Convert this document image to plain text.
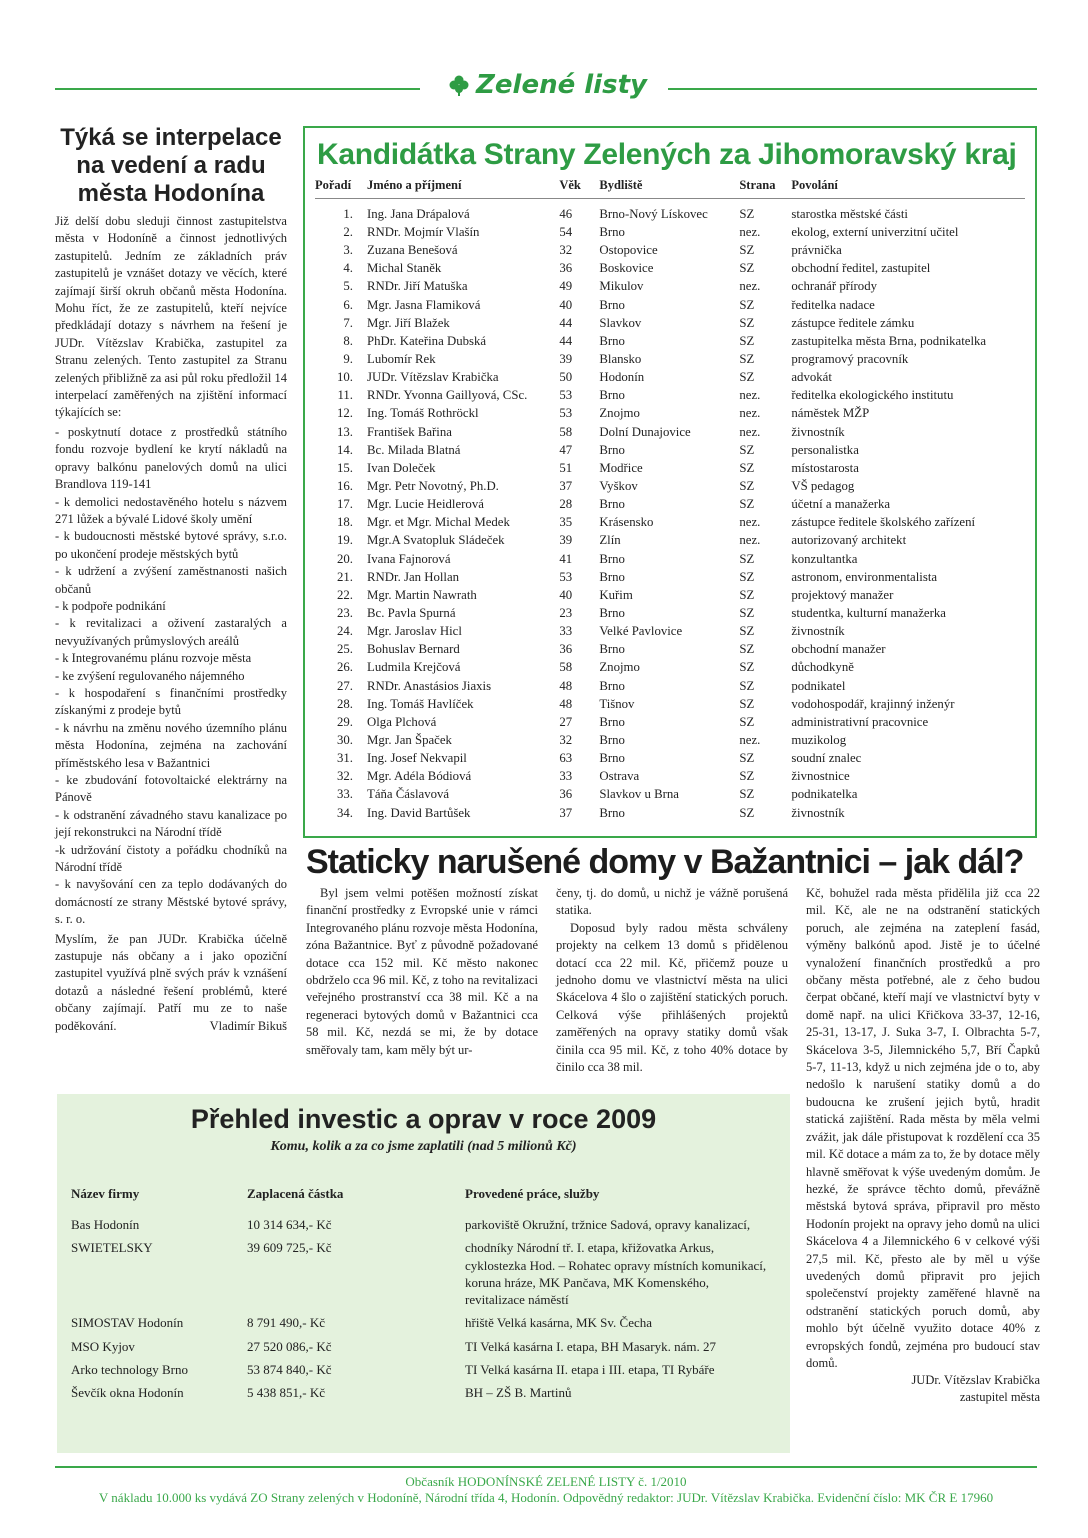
Zelené listy
Týká se interpelace na vedení a radu města Hodonína

Již delší dobu sleduji činnost zastupitelstva města v Hodoníně a činnost jednotlivých zastupitelů. Jedním ze základních práv zastupitelů je vznášet dotazy ve věcích, které zajímají širší okruh občanů města Hodonína. Mohu říct, že ze zastupitelů, kteří nejvíce předkládají dotazy s návrhem na řešení je JUDr. Vítězslav Krabička, zastupitel za Stranu zelených. Tento zastupitel za Stranu zelených přibližně za asi půl roku předložil 14 interpelací zaměřených na zjištění informací týkajících se:

- poskytnutí dotace z prostředků státního fondu rozvoje bydlení ke krytí nákladů na opravy balkónu panelových domů na ulici Brandlova 119-141
- k demolici nedostavěného hotelu s názvem 271 lůžek a bývalé Lidové školy umění
- k budoucnosti městské bytové správy, s.r.o. po ukončení prodeje městských bytů
- k udržení a zvýšení zaměstnanosti našich občanů
- k podpoře podnikání
- k revitalizaci a oživení zastaralých a nevyužívaných průmyslových areálů
- k Integrovanému plánu rozvoje města
- ke zvýšení regulovaného nájemného
- k hospodaření s finančními prostředky získanými z prodeje bytů
- k návrhu na změnu nového územního plánu města Hodonína, zejména na zachování příměstského lesa v Bažantnici
- ke zbudování fotovoltaické elektrárny na Pánově
- k odstranění závadného stavu kanalizace po její rekonstrukci na Národní třídě
-k udržování čistoty a pořádku chodníků na Národní třídě
- k navyšování cen za teplo dodávaných do domácností ze strany Městské bytové správy, s. r. o.

Myslím, že pan JUDr. Krabička účelně zastupuje nás občany a i jako opoziční zastupitel využívá plně svých práv k vznášení dotazů a následné řešení problémů, které občany zajímají. Patří mu ze to naše poděkování.	Vladimír Bikuš

Kandidátka Strany Zelených za Jihomoravský kraj
Pořadí	Jméno a příjmení	Věk	Bydliště	Strana	Povolání
1.	Ing. Jana Drápalová	46	Brno-Nový Lískovec	SZ	starostka městské části
2.	RNDr. Mojmír Vlašín	54	Brno	nez.	ekolog, externí univerzitní učitel
3.	Zuzana Benešová	32	Ostopovice	SZ	právnička
4.	Michal Staněk	36	Boskovice	SZ	obchodní ředitel, zastupitel
5.	RNDr. Jiří Matuška	49	Mikulov	nez.	ochranář přírody
6.	Mgr. Jasna Flamiková	40	Brno	SZ	ředitelka nadace
7.	Mgr. Jiří Blažek	44	Slavkov	SZ	zástupce ředitele zámku
8.	PhDr. Kateřina Dubská	44	Brno	SZ	zastupitelka města Brna, podnikatelka
9.	Lubomír Rek	39	Blansko	SZ	programový pracovník
10.	JUDr. Vítězslav Krabička	50	Hodonín	SZ	advokát
11.	RNDr. Yvonna Gaillyová, CSc.	53	Brno	nez.	ředitelka ekologického institutu
12.	Ing. Tomáš Rothröckl	53	Znojmo	nez.	náměstek MŽP
13.	František Bařina	58	Dolní Dunajovice	nez.	živnostník
14.	Bc. Milada Blatná	47	Brno	SZ	personalistka
15.	Ivan Doleček	51	Modřice	SZ	místostarosta
16.	Mgr. Petr Novotný, Ph.D.	37	Vyškov	SZ	VŠ pedagog
17.	Mgr. Lucie Heidlerová	28	Brno	SZ	účetní a manažerka
18.	Mgr. et Mgr. Michal Medek	35	Krásensko	nez.	zástupce ředitele školského zařízení
19.	Mgr.A Svatopluk Sládeček	39	Zlín	nez.	autorizovaný architekt
20.	Ivana Fajnorová	41	Brno	SZ	konzultantka
21.	RNDr. Jan Hollan	53	Brno	SZ	astronom, environmentalista
22.	Mgr. Martin Nawrath	40	Kuřim	SZ	projektový manažer
23.	Bc. Pavla Spurná	23	Brno	SZ	studentka, kulturní manažerka
24.	Mgr. Jaroslav Hicl	33	Velké Pavlovice	SZ	živnostník
25.	Bohuslav Bernard	36	Brno	SZ	obchodní manažer
26.	Ludmila Krejčová	58	Znojmo	SZ	důchodkyně
27.	RNDr. Anastásios Jiaxis	48	Brno	SZ	podnikatel
28.	Ing. Tomáš Havlíček	48	Tišnov	SZ	vodohospodář, krajinný inženýr
29.	Olga Plchová	27	Brno	SZ	administrativní pracovnice
30.	Mgr. Jan Špaček	32	Brno	nez.	muzikolog
31.	Ing. Josef Nekvapil	63	Brno	SZ	soudní znalec
32.	Mgr. Adéla Bódiová	33	Ostrava	SZ	živnostnice
33.	Táňa Čáslavová	36	Slavkov u Brna	SZ	podnikatelka
34.	Ing. David Bartůšek	37	Brno	SZ	živnostník
Staticky narušené domy v Bažantnici – jak dál?

Byl jsem velmi potěšen možností získat finanční prostředky z Evropské unie v rámci Integrovaného plánu rozvoje města Hodonína, zóna Bažantnice. Byť z původně požadované dotace cca 152 mil. Kč město nakonec obdrželo cca 96 mil. Kč, z toho na revitalizaci veřejného prostranství cca 38 mil. Kč a na regeneraci bytových domů v Bažantnici cca 58 mil. Kč, nezdá se mi, že by dotace směřovaly tam, kam měly být ur-

čeny, tj. do domů, u nichž je vážně porušená statika.

Doposud byly radou města schváleny projekty na celkem 13 domů s přidělenou dotací cca 22 mil. Kč, přičemž pouze u jednoho domu ve vlastnictví města na ulici Skácelova 4 šlo o zajištění statických poruch. Celková výše přihlášených projektů zaměřených na opravy statiky domů však činila cca 95 mil. Kč, z toho 40% dotace by činilo cca 38 mil.

Kč, bohužel rada města přidělila již cca 22 mil. Kč, ale ne na odstranění statických poruch, ale zejména na zateplení fasád, výměny balkónů apod. Jistě je to účelné vynaložení finančních prostředků a pro občany města potřebné, ale z čeho budou čerpat občané, kteří mají ve vlastnictví byty v domě např. na ulici Křičkova 33-37, 12-16, 25-31, 13-17, J. Suka 3-7, I. Olbrachta 5-7, Skácelova 3-5, Jilemnického 5,7, Bří Čapků 5-7, 11-13, když u nich zejména jde o to, aby nedošlo k narušení statiky domů a do budoucna ke zrušení jejich bytů, hradit statická zajištění. Rada města by měla velmi zvážit, jak dále přistupovat k rozdělení cca 35 mil. Kč dotace a mám za to, že by dotace měly hlavně směřovat k výše uvedeným domům. Je hezké, že správce těchto domů, převážně městská bytová správa, připravil pro město Hodonín projekt na opravy jeho domů na ulici Skácelova 4 a Jilemnického 6 v celkové výši 27,5 mil. Kč, přesto ale by měl u výše uvedených domů připravit pro jejich společenství projekty zaměřené hlavně na odstranění statických poruch domů, aby mohlo být účelně využito dotace 40% z evropských fondů, zejména pro budoucí stav domů.

JUDr. Vítězslav Krabička
zastupitel města
Přehled investic a oprav v roce 2009
Komu, kolik a za co jsme zaplatili (nad 5 milionů Kč)
Název firmy	Zaplacená částka	Provedené práce, služby
Bas Hodonín	10 314 634,- Kč	parkoviště Okružní, tržnice Sadová, opravy kanalizací,
SWIETELSKY	39 609 725,- Kč	chodníky Národní tř. I. etapa, křižovatka Arkus, cyklostezka Hod. – Rohatec opravy místních komunikací, koruna hráze, MK Pančava, MK Komenského, revitalizace náměstí
SIMOSTAV Hodonín	8 791 490,- Kč	hřiště Velká kasárna, MK Sv. Čecha
MSO Kyjov	27 520 086,- Kč	TI Velká kasárna I. etapa, BH Masaryk. nám. 27
Arko technology Brno	53 874 840,- Kč	TI Velká kasárna II. etapa i III. etapa, TI Rybáře
Ševčík okna Hodonín	5 438 851,- Kč	BH – ZŠ B. Martinů
Občasník HODONÍNSKÉ ZELENÉ LISTY č. 1/2010
V nákladu 10.000 ks vydává ZO Strany zelených v Hodoníně, Národní třída 4, Hodonín. Odpovědný redaktor: JUDr. Vítězslav Krabička. Evidenční číslo: MK ČR E 17960
